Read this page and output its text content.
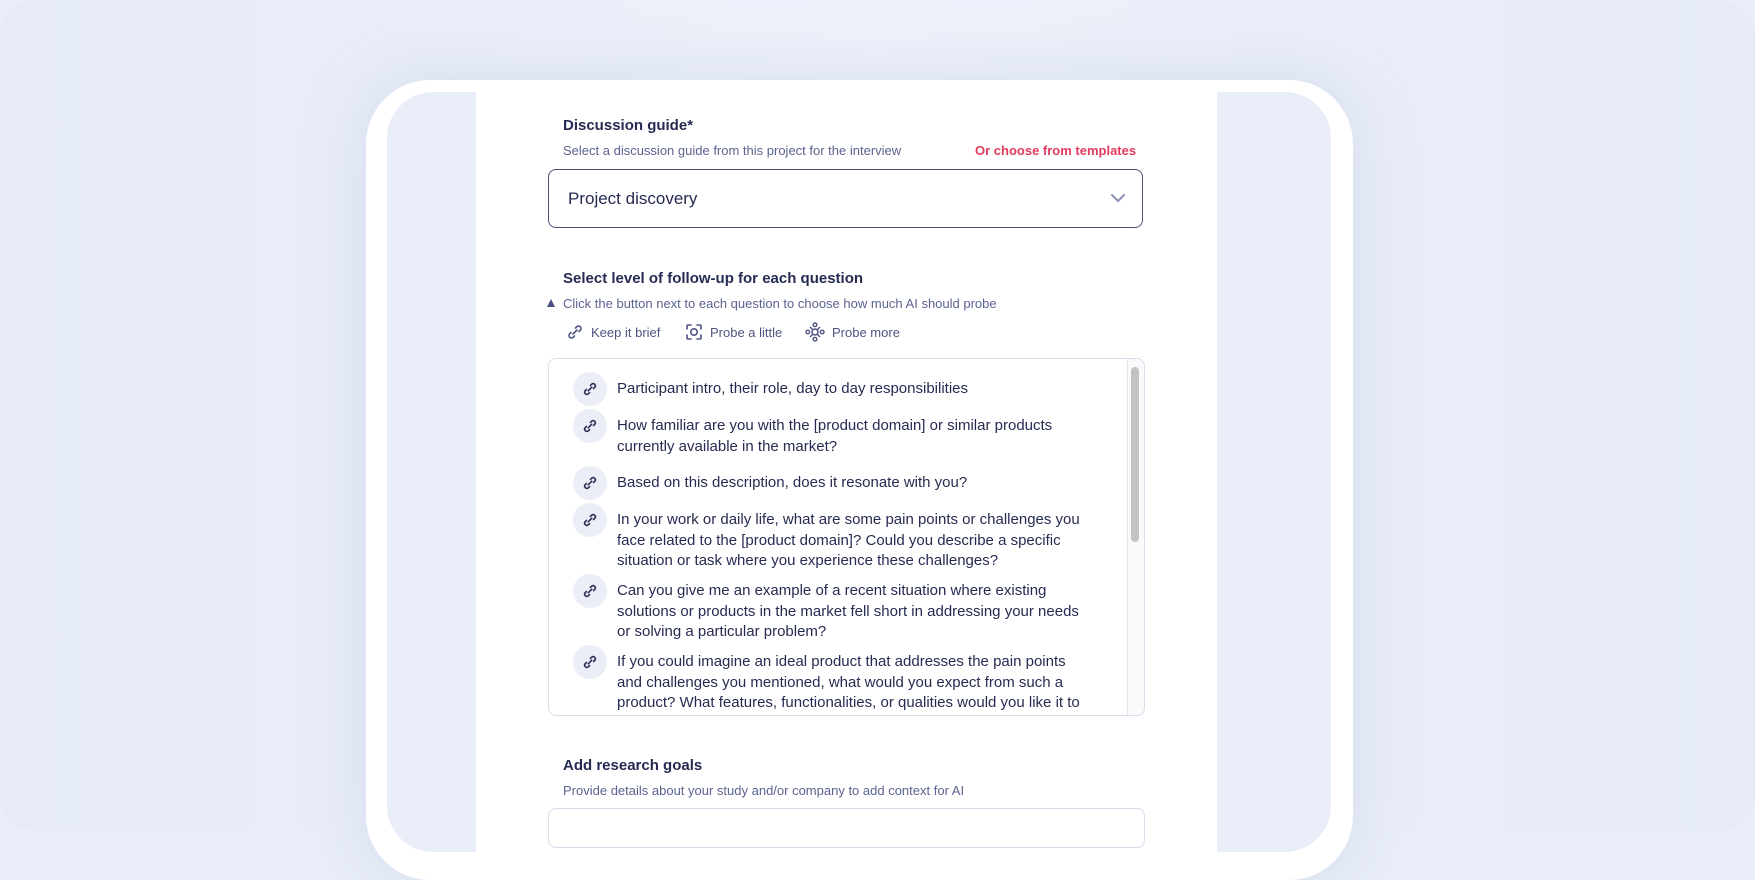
Discussion guide*
Select a discussion guide from this project for the interview	Or choose from templates
Project discovery
Select level of follow-up for each question
Click the button next to each question to choose how much AI should probe
Keep it brief	Probe a little	Probe more
Participant intro, their role, day to day responsibilities
How familiar are you with the [product domain] or similar products currently available in the market?
Based on this description, does it resonate with you?
In your work or daily life, what are some pain points or challenges you face related to the [product domain]? Could you describe a specific situation or task where you experience these challenges?
Can you give me an example of a recent situation where existing solutions or products in the market fell short in addressing your needs or solving a particular problem?
If you could imagine an ideal product that addresses the pain points and challenges you mentioned, what would you expect from such a product? What features, functionalities, or qualities would you like it to
Add research goals
Provide details about your study and/or company to add context for AI
